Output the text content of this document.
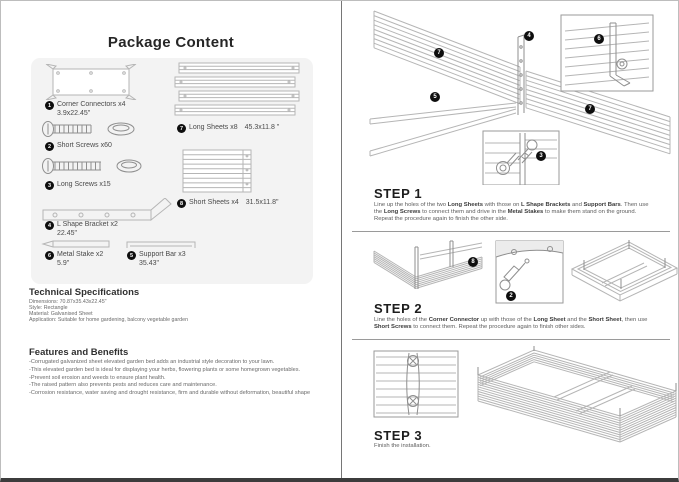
Package Content
1 Corner Connectors x4
3.9x22.45"
2 Short Screws x60
3 Long Screws x15
4 L Shape Bracket x2
22.45"
6 Metal Stake x2
5.9"
5 Support Bar x3
35.43"
7 Long Sheets x8 45.3x11.8 "
8 Short Sheets x4 31.5x11.8"
Technical Specifications
Dimensions: 70.87x35.43x22.45"
Style: Rectangle
Material: Galvanised Sheet
Application: Suitable for home gardening, balcony vegetable garden
Features and Benefits
-Corrugated galvanized sheet elevated garden bed adds an industrial style decoration to your lawn.
-This elevated garden bed is ideal for displaying your herbs, flowering plants or some homegrown vegetables.
-Prevent soil erosion and weeds to ensure plant health.
-The raised pattern also prevents pests and reduces care and maintenance.
-Corrosion resistance, water saving and drought resistance, firm and durable without deformation, beautiful shape
7
4	6
5
7
3
STEP 1
Line up the holes of the two Long Sheets with those on L Shape Brackets and Support Bars. Then use the Long Screws to connect them and drive in the Metal Stakes to make them stand on the ground. Repeat the procedure again to finish the other side.
8
2
STEP 2
Line the holes of the Corner Connector up with those of the Long Sheet and the Short Sheet, then use Short Screws to connect them. Repeat the procedure again to finish other sides.
STEP 3
Finish the installation.
